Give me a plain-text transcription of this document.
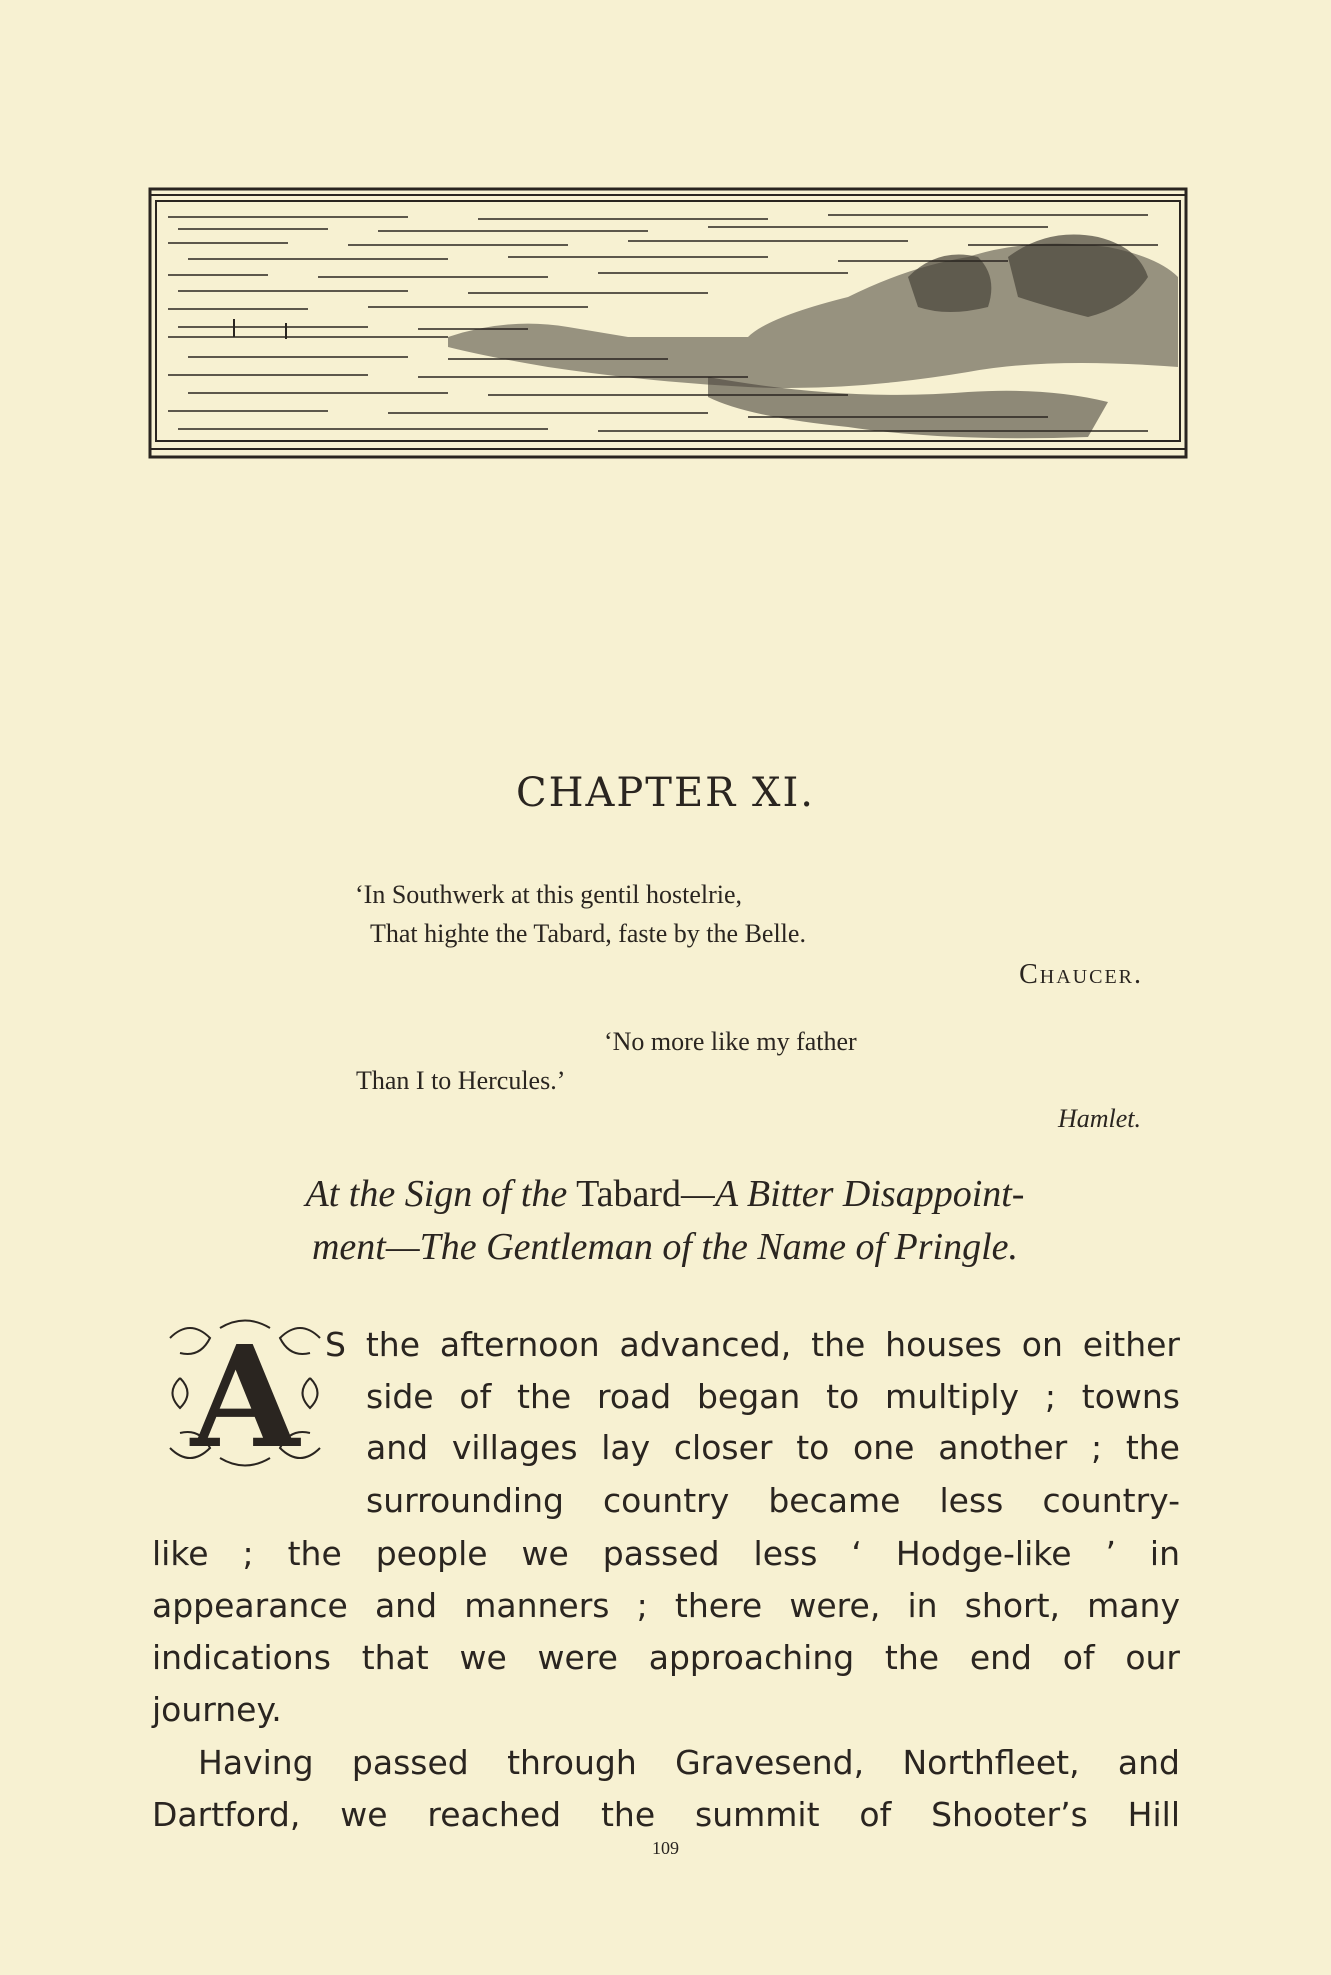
CHAPTER XI.
‘In Southwerk at this gentil hostelrie,
That highte the Tabard, faste by the Belle.
Chaucer.
‘No more like my father
Than I to Hercules.’
Hamlet.
At the Sign of the Tabard—A Bitter Disappoint-
ment—The Gentleman of the Name of Pringle.
A S the afternoon advanced, the houses on either
side of the road began to multiply ; towns
and villages lay closer to one another ; the
surrounding country became less country-
like ; the people we passed less ‘ Hodge-like ’ in
appearance and manners ; there were, in short, many
indications that we were approaching the end of our
journey.
Having passed through Gravesend, Northfleet, and
Dartford, we reached the summit of Shooter’s Hill
109
